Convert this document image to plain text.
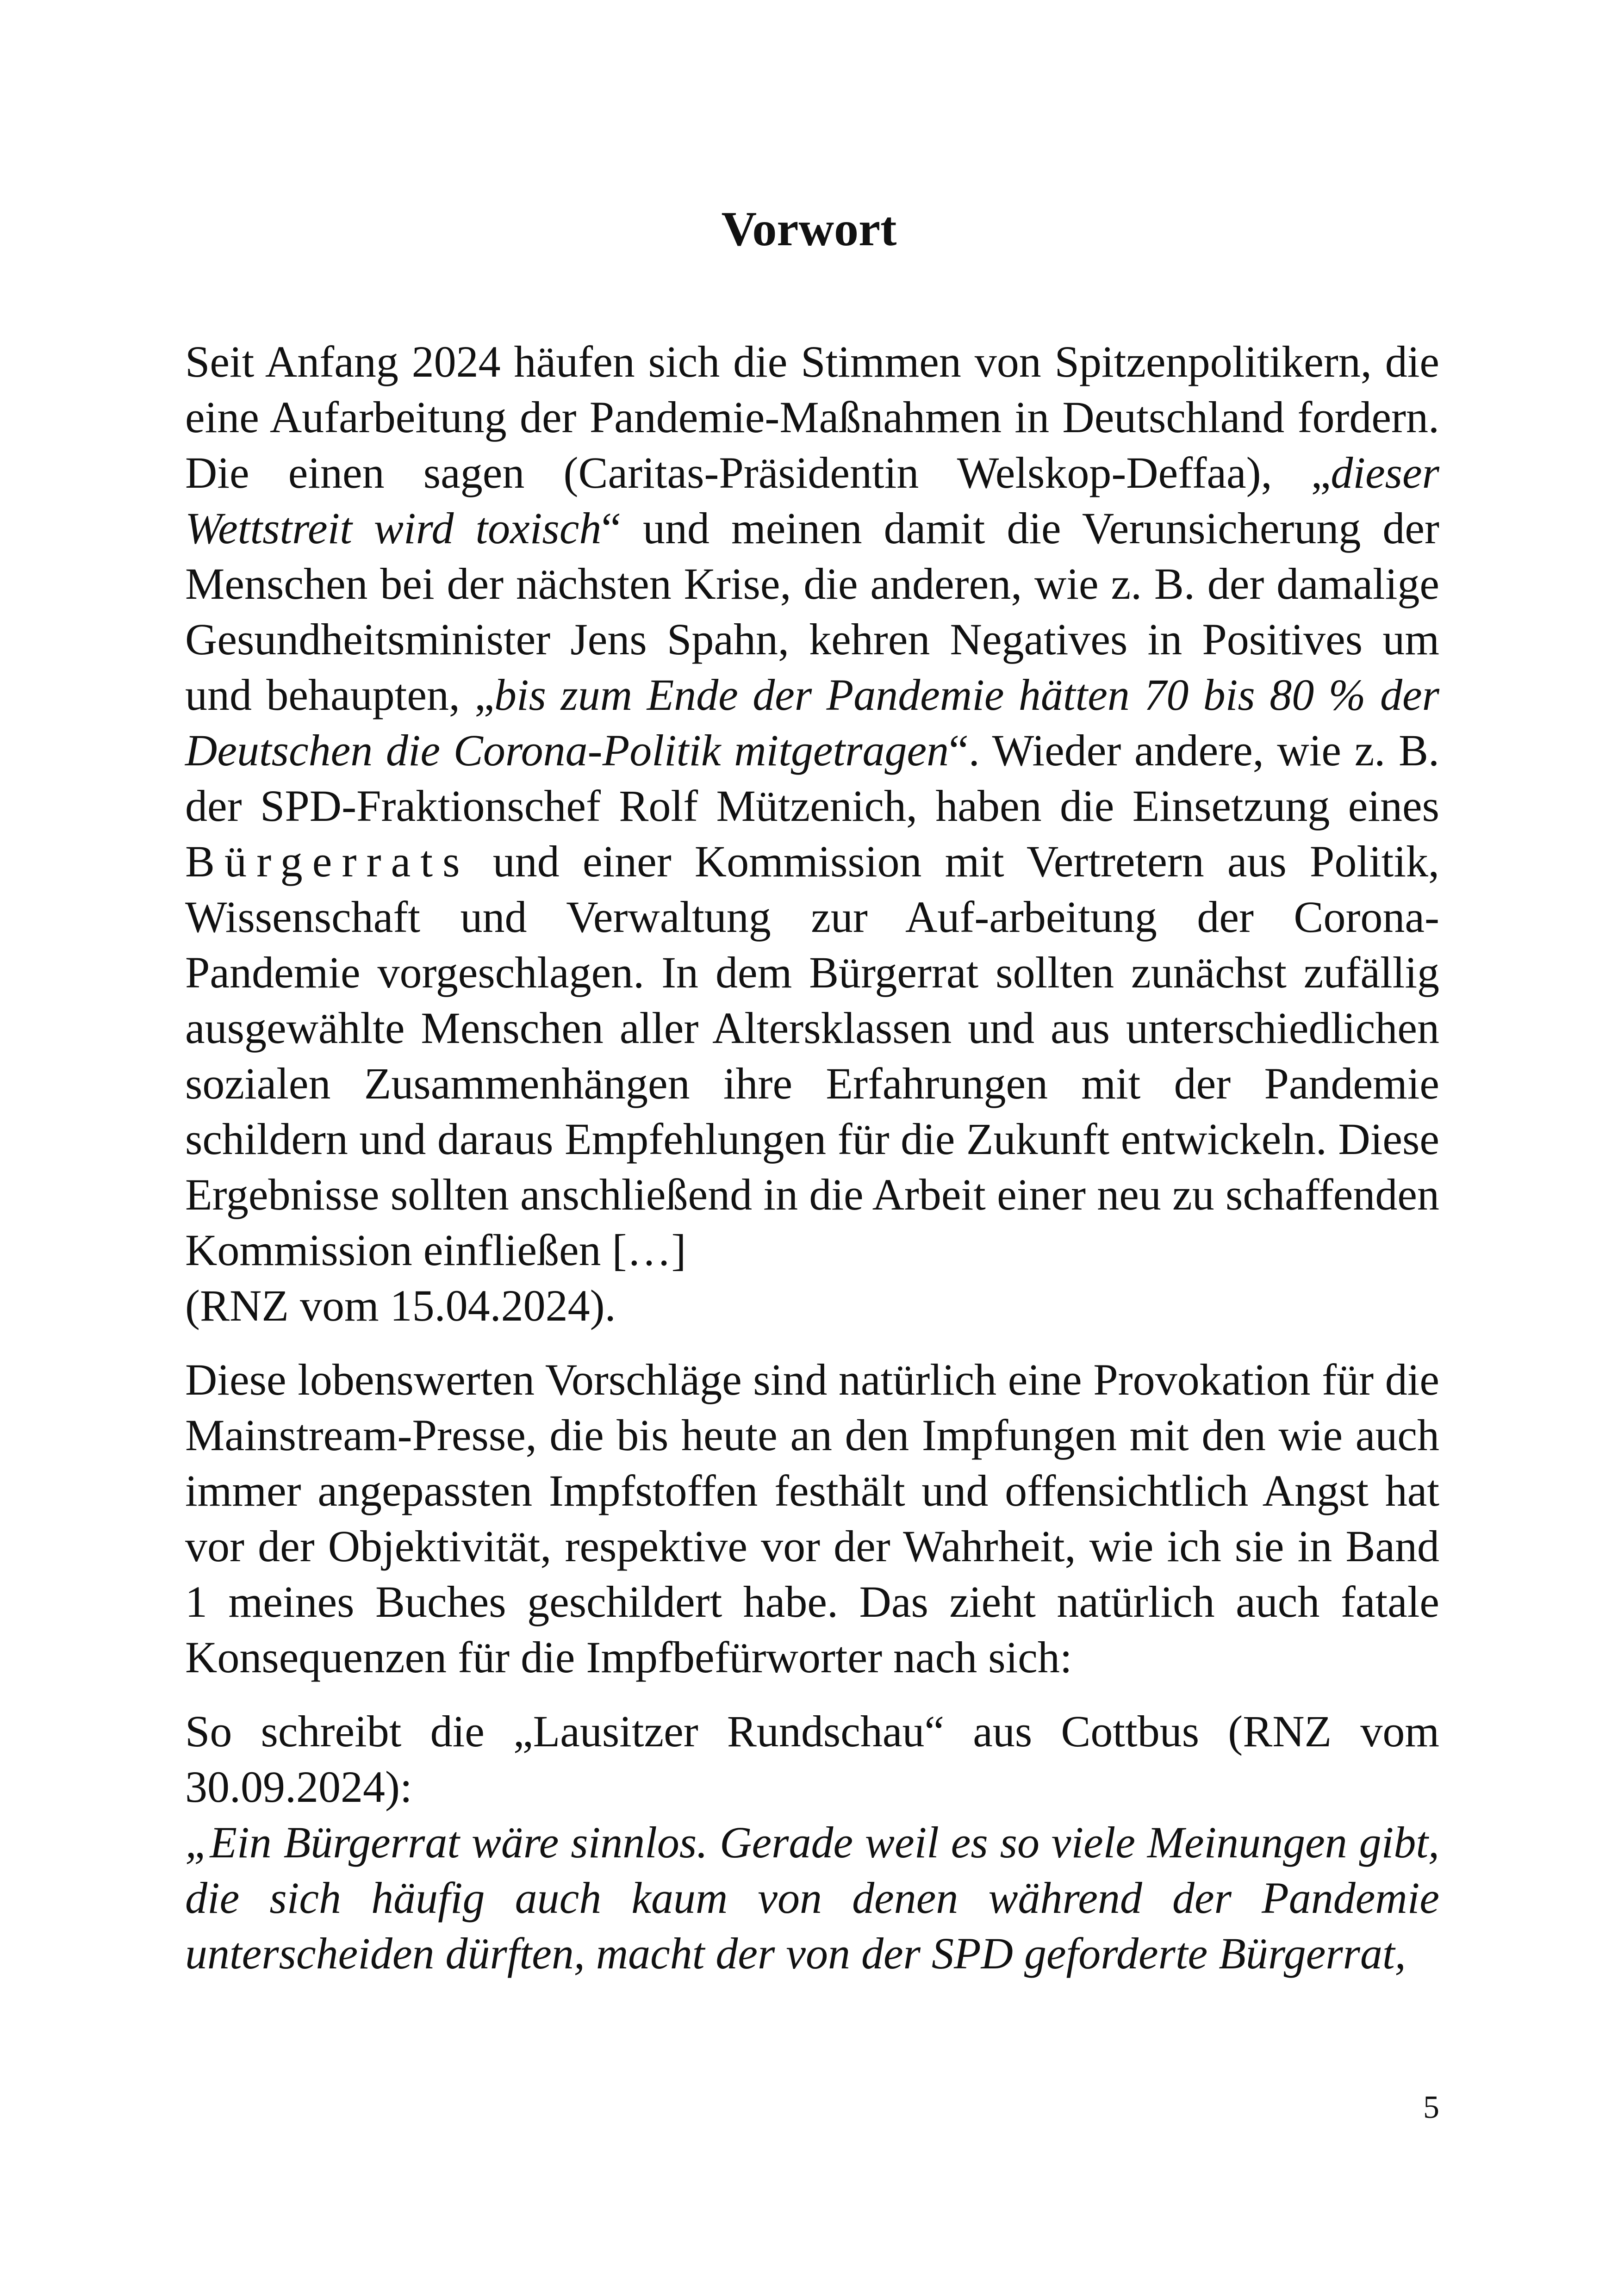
Vorwort

Seit Anfang 2024 häufen sich die Stimmen von Spitzenpolitikern, die eine Aufarbeitung der Pandemie-Maßnahmen in Deutschland fordern. Die einen sagen (Caritas-Präsidentin Welskop-Deffaa), „dieser Wettstreit wird toxisch“ und meinen damit die Verunsicherung der Menschen bei der nächsten Krise, die anderen, wie z. B. der damalige Gesundheitsminister Jens Spahn, kehren Negatives in Positives um und behaupten, „bis zum Ende der Pandemie hätten 70 bis 80 % der Deutschen die Corona-Politik mitgetragen“. Wieder andere, wie z. B. der SPD-Fraktionschef Rolf Mützenich, haben die Einsetzung eines Bürgerrats und einer Kommission mit Vertretern aus Politik, Wissenschaft und Verwaltung zur Auf-arbeitung der Corona-Pandemie vorgeschlagen. In dem Bürgerrat sollten zunächst zufällig ausgewählte Menschen aller Altersklassen und aus unterschiedlichen sozialen Zusammenhängen ihre Erfahrungen mit der Pandemie schildern und daraus Empfehlungen für die Zukunft entwickeln. Diese Ergebnisse sollten anschließend in die Arbeit einer neu zu schaffenden Kommission einfließen […]

(RNZ vom 15.04.2024).

Diese lobenswerten Vorschläge sind natürlich eine Provokation für die Mainstream-Presse, die bis heute an den Impfungen mit den wie auch immer angepassten Impfstoffen festhält und offensichtlich Angst hat vor der Objektivität, respektive vor der Wahrheit, wie ich sie in Band 1 meines Buches geschildert habe. Das zieht natürlich auch fatale Konsequenzen für die Impfbefürworter nach sich:

So schreibt die „Lausitzer Rundschau“ aus Cottbus (RNZ vom 30.09.2024):

„Ein Bürgerrat wäre sinnlos. Gerade weil es so viele Meinungen gibt, die sich häufig auch kaum von denen während der Pandemie unterscheiden dürften, macht der von der SPD geforderte Bürgerrat,

5
